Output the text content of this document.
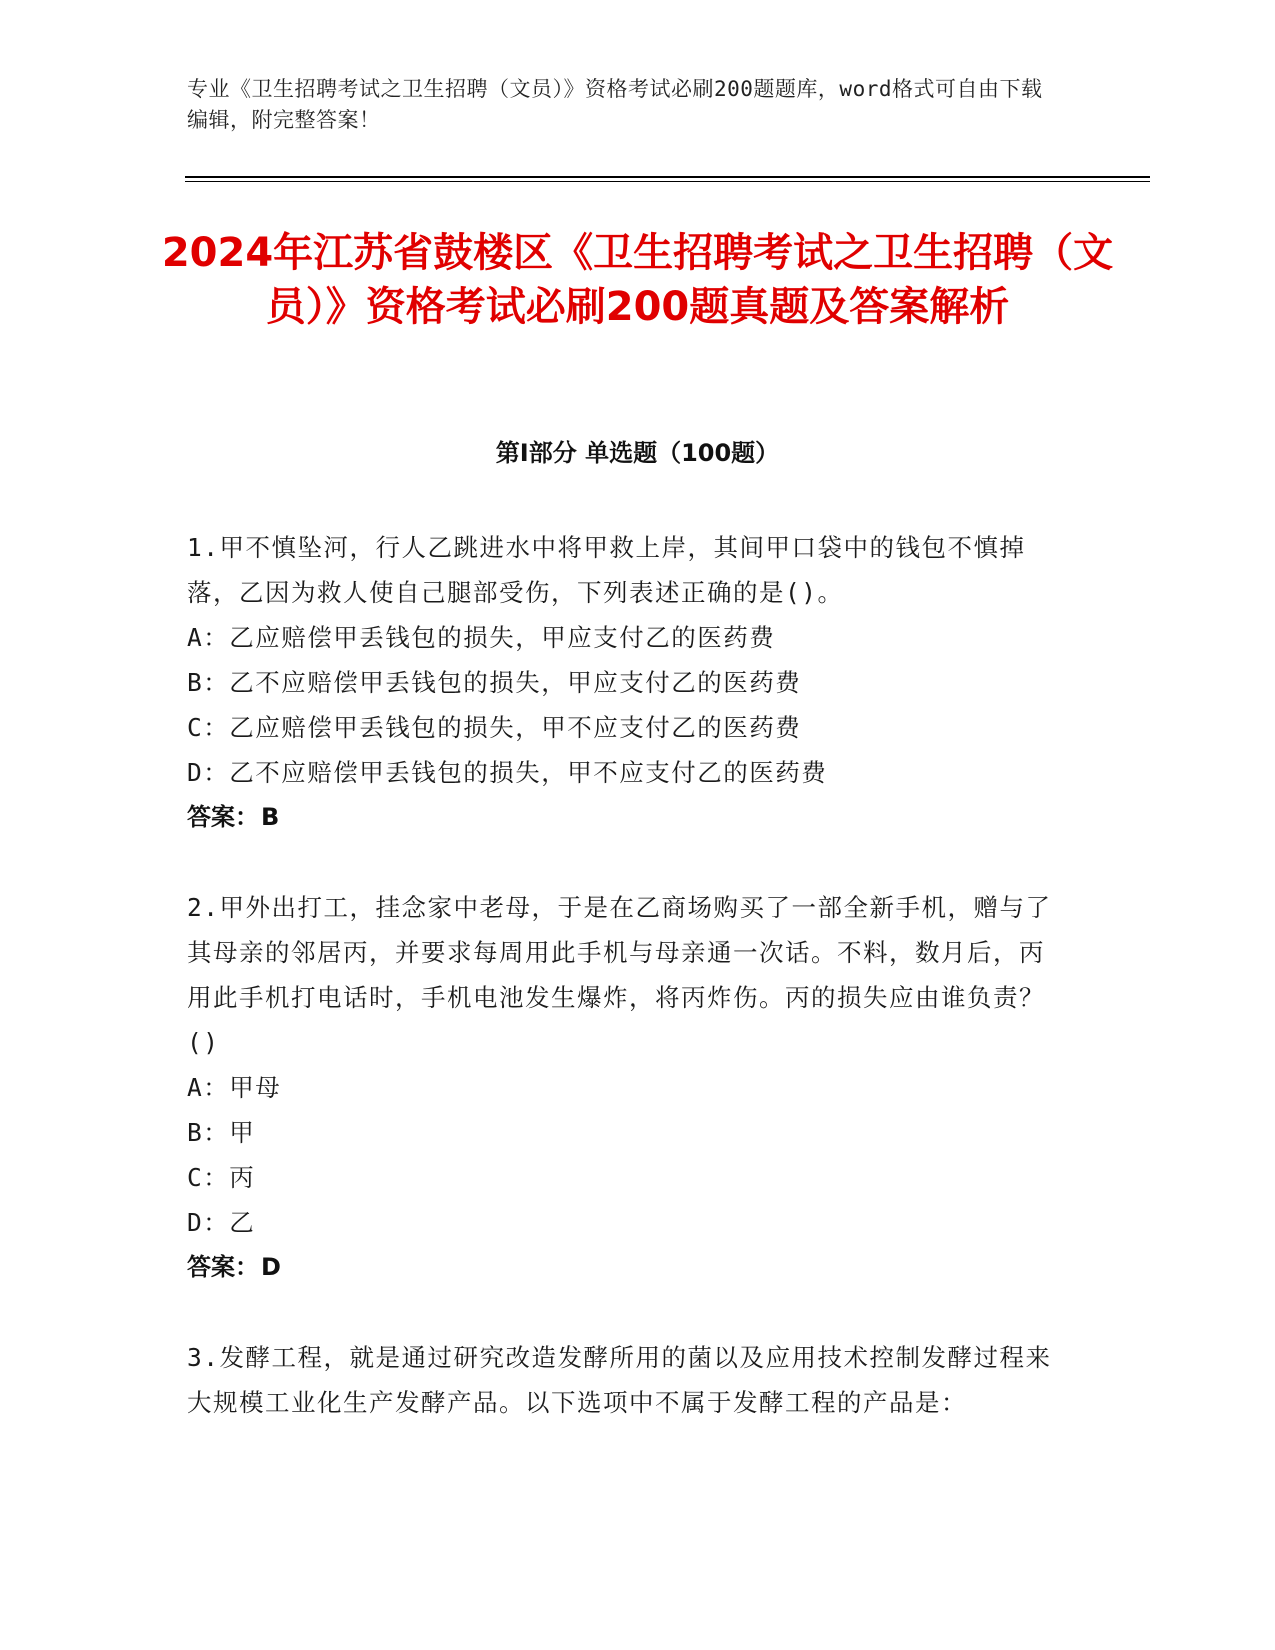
专业《卫生招聘考试之卫生招聘（文员）》资格考试必刷200题题库，word格式可自由下载编辑，附完整答案！
2024年江苏省鼓楼区《卫生招聘考试之卫生招聘（文员）》资格考试必刷200题真题及答案解析
第Ⅰ部分 单选题（100题）

1.甲不慎坠河，行人乙跳进水中将甲救上岸，其间甲口袋中的钱包不慎掉落，乙因为救人使自己腿部受伤，下列表述正确的是()。

A：乙应赔偿甲丢钱包的损失，甲应支付乙的医药费

B：乙不应赔偿甲丢钱包的损失，甲应支付乙的医药费

C：乙应赔偿甲丢钱包的损失，甲不应支付乙的医药费

D：乙不应赔偿甲丢钱包的损失，甲不应支付乙的医药费

答案：B

2.甲外出打工，挂念家中老母，于是在乙商场购买了一部全新手机，赠与了其母亲的邻居丙，并要求每周用此手机与母亲通一次话。不料，数月后，丙用此手机打电话时，手机电池发生爆炸，将丙炸伤。丙的损失应由谁负责？()

A：甲母

B：甲

C：丙

D：乙

答案：D

3.发酵工程，就是通过研究改造发酵所用的菌以及应用技术控制发酵过程来大规模工业化生产发酵产品。以下选项中不属于发酵工程的产品是：
